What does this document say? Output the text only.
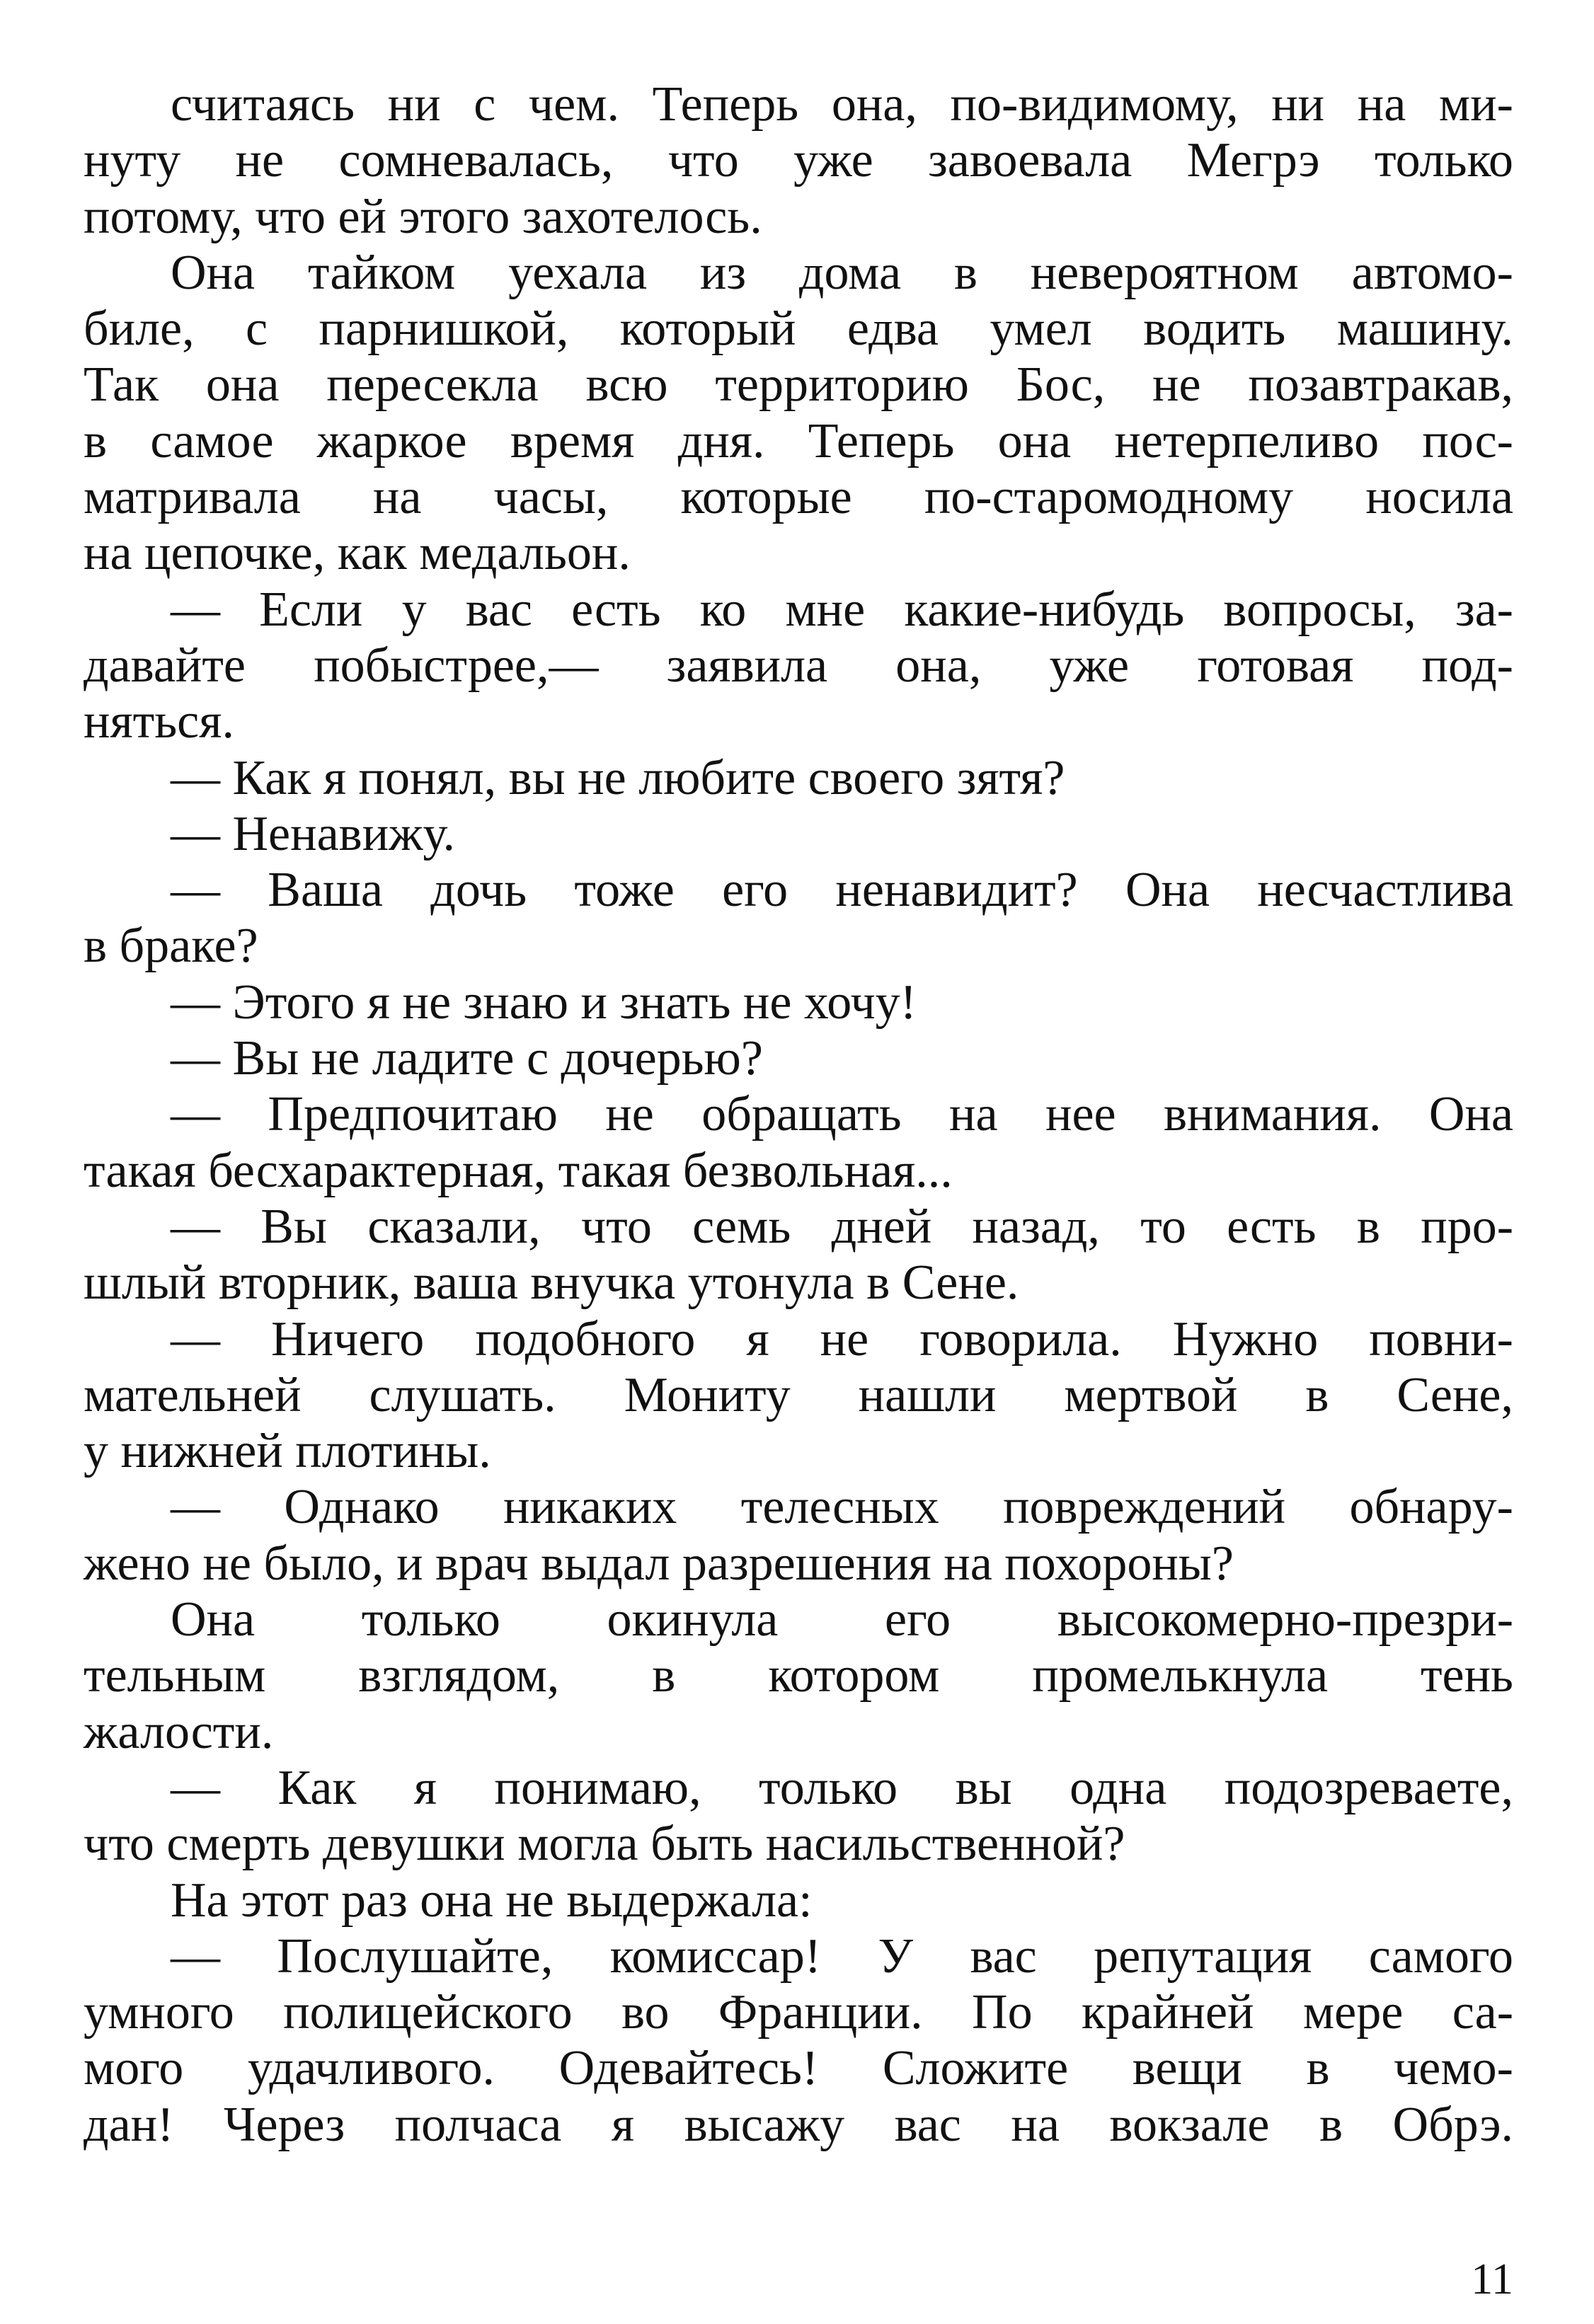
считаясь ни с чем. Теперь она, по-видимому, ни на ми-
нуту не сомневалась, что уже завоевала Мегрэ только
потому, что ей этого захотелось.
Она тайком уехала из дома в невероятном автомо-
биле, с парнишкой, который едва умел водить машину.
Так она пересекла всю территорию Бос, не позавтракав,
в самое жаркое время дня. Теперь она нетерпеливо пос-
матривала на часы, которые по-старомодному носила
на цепочке, как медальон.
— Если у вас есть ко мне какие-нибудь вопросы, за-
давайте побыстрее,— заявила она, уже готовая под-
няться.
— Как я понял, вы не любите своего зятя?
— Ненавижу.
— Ваша дочь тоже его ненавидит? Она несчастлива
в браке?
— Этого я не знаю и знать не хочу!
— Вы не ладите с дочерью?
— Предпочитаю не обращать на нее внимания. Она
такая бесхарактерная, такая безвольная...
— Вы сказали, что семь дней назад, то есть в про-
шлый вторник, ваша внучка утонула в Сене.
— Ничего подобного я не говорила. Нужно повни-
мательней слушать. Мониту нашли мертвой в Сене,
у нижней плотины.
— Однако никаких телесных повреждений обнару-
жено не было, и врач выдал разрешения на похороны?
Она только окинула его высокомерно-презри-
тельным взглядом, в котором промелькнула тень
жалости.
— Как я понимаю, только вы одна подозреваете,
что смерть девушки могла быть насильственной?
На этот раз она не выдержала:
— Послушайте, комиссар! У вас репутация самого
умного полицейского во Франции. По крайней мере са-
мого удачливого. Одевайтесь! Сложите вещи в чемо-
дан! Через полчаса я высажу вас на вокзале в Обрэ.
11
